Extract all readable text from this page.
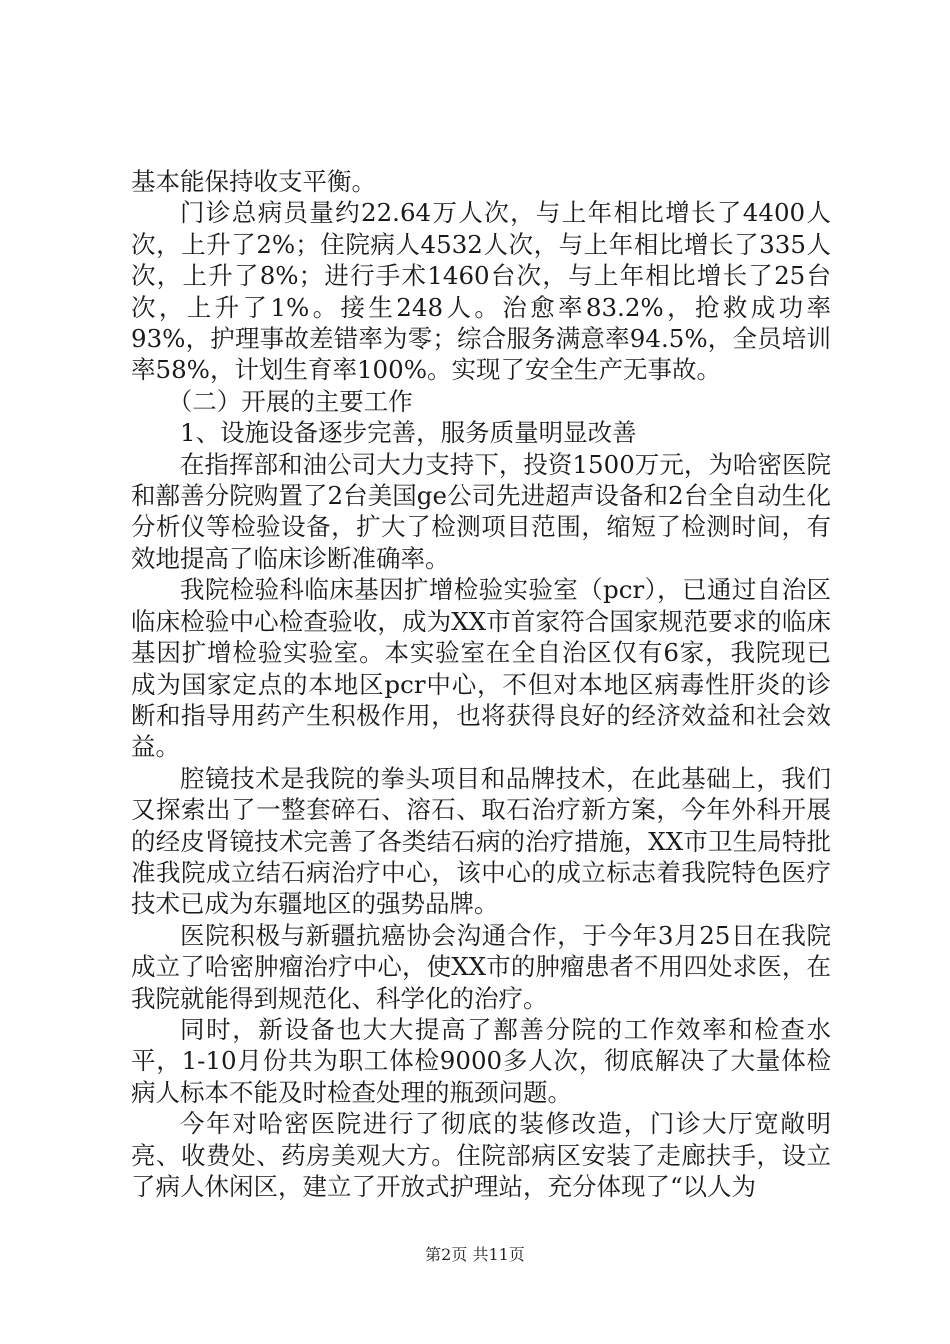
基本能保持收支平衡。

门诊总病员量约22.64万人次，与上年相比增长了4400人次，上升了2%；住院病人4532人次，与上年相比增长了335人次，上升了8%；进行手术1460台次，与上年相比增长了25台次，上升了1%。接生248人。治愈率83.2%，抢救成功率93%，护理事故差错率为零；综合服务满意率94.5%，全员培训率58%，计划生育率100%。实现了安全生产无事故。

（二）开展的主要工作

1、设施设备逐步完善，服务质量明显改善

在指挥部和油公司大力支持下，投资1500万元，为哈密医院和鄯善分院购置了2台美国ge公司先进超声设备和2台全自动生化分析仪等检验设备，扩大了检测项目范围，缩短了检测时间，有效地提高了临床诊断准确率。

我院检验科临床基因扩增检验实验室（pcr），已通过自治区临床检验中心检查验收，成为XX市首家符合国家规范要求的临床基因扩增检验实验室。本实验室在全自治区仅有6家，我院现已成为国家定点的本地区pcr中心，不但对本地区病毒性肝炎的诊断和指导用药产生积极作用，也将获得良好的经济效益和社会效益。

腔镜技术是我院的拳头项目和品牌技术，在此基础上，我们又探索出了一整套碎石、溶石、取石治疗新方案，今年外科开展的经皮肾镜技术完善了各类结石病的治疗措施，XX市卫生局特批准我院成立结石病治疗中心，该中心的成立标志着我院特色医疗技术已成为东疆地区的强势品牌。

医院积极与新疆抗癌协会沟通合作，于今年3月25日在我院成立了哈密肿瘤治疗中心，使XX市的肿瘤患者不用四处求医，在我院就能得到规范化、科学化的治疗。

同时，新设备也大大提高了鄯善分院的工作效率和检查水平，1-10月份共为职工体检9000多人次，彻底解决了大量体检病人标本不能及时检查处理的瓶颈问题。

今年对哈密医院进行了彻底的装修改造，门诊大厅宽敞明亮、收费处、药房美观大方。住院部病区安装了走廊扶手，设立了病人休闲区，建立了开放式护理站，充分体现了“以人为

第2页 共11页
